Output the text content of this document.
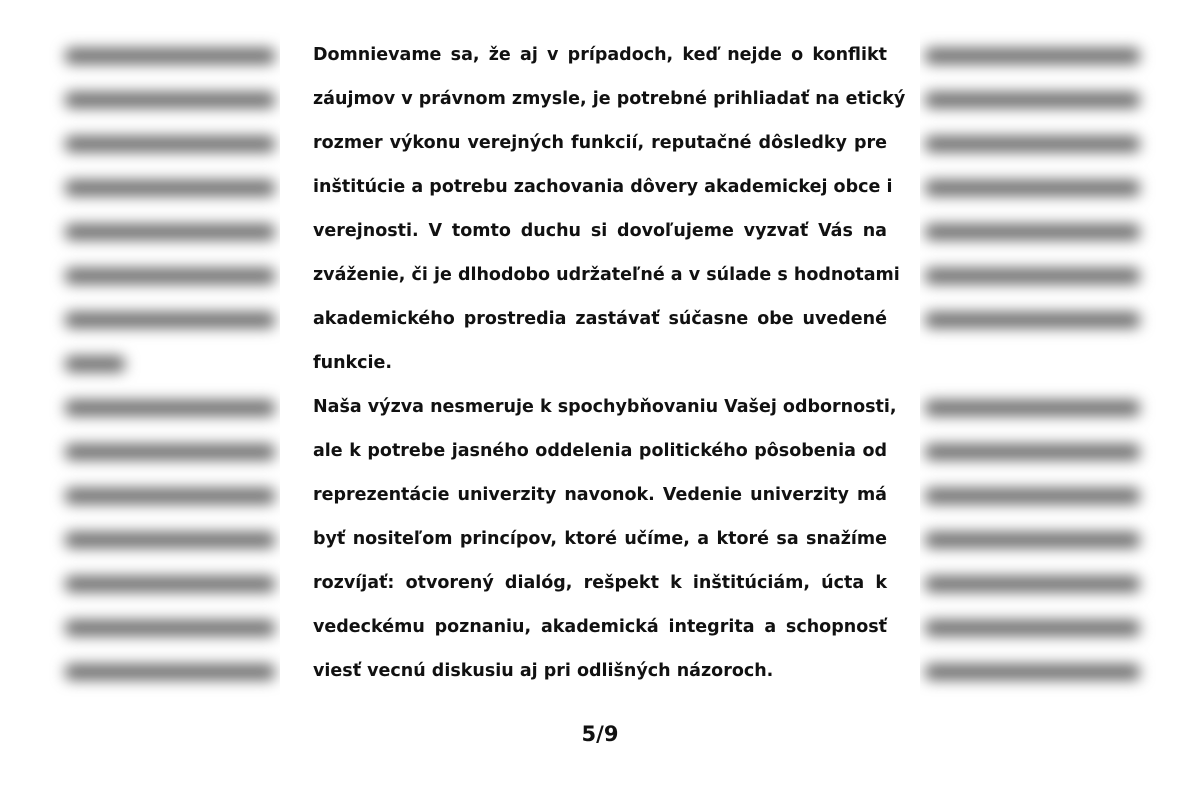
Domnievame sa, že aj v prípadoch, keď nejde o konflikt
záujmov v právnom zmysle, je potrebné prihliadať na etický
rozmer výkonu verejných funkcií, reputačné dôsledky pre
inštitúcie a potrebu zachovania dôvery akademickej obce i
verejnosti. V tomto duchu si dovoľujeme vyzvať Vás na
zváženie, či je dlhodobo udržateľné a v súlade s hodnotami
akademického prostredia zastávať súčasne obe uvedené
funkcie.
Naša výzva nesmeruje k spochybňovaniu Vašej odbornosti,
ale k potrebe jasného oddelenia politického pôsobenia od
reprezentácie univerzity navonok. Vedenie univerzity má
byť nositeľom princípov, ktoré učíme, a ktoré sa snažíme
rozvíjať: otvorený dialóg, rešpekt k inštitúciám, úcta k
vedeckému poznaniu, akademická integrita a schopnosť
viesť vecnú diskusiu aj pri odlišných názoroch.
5/9
